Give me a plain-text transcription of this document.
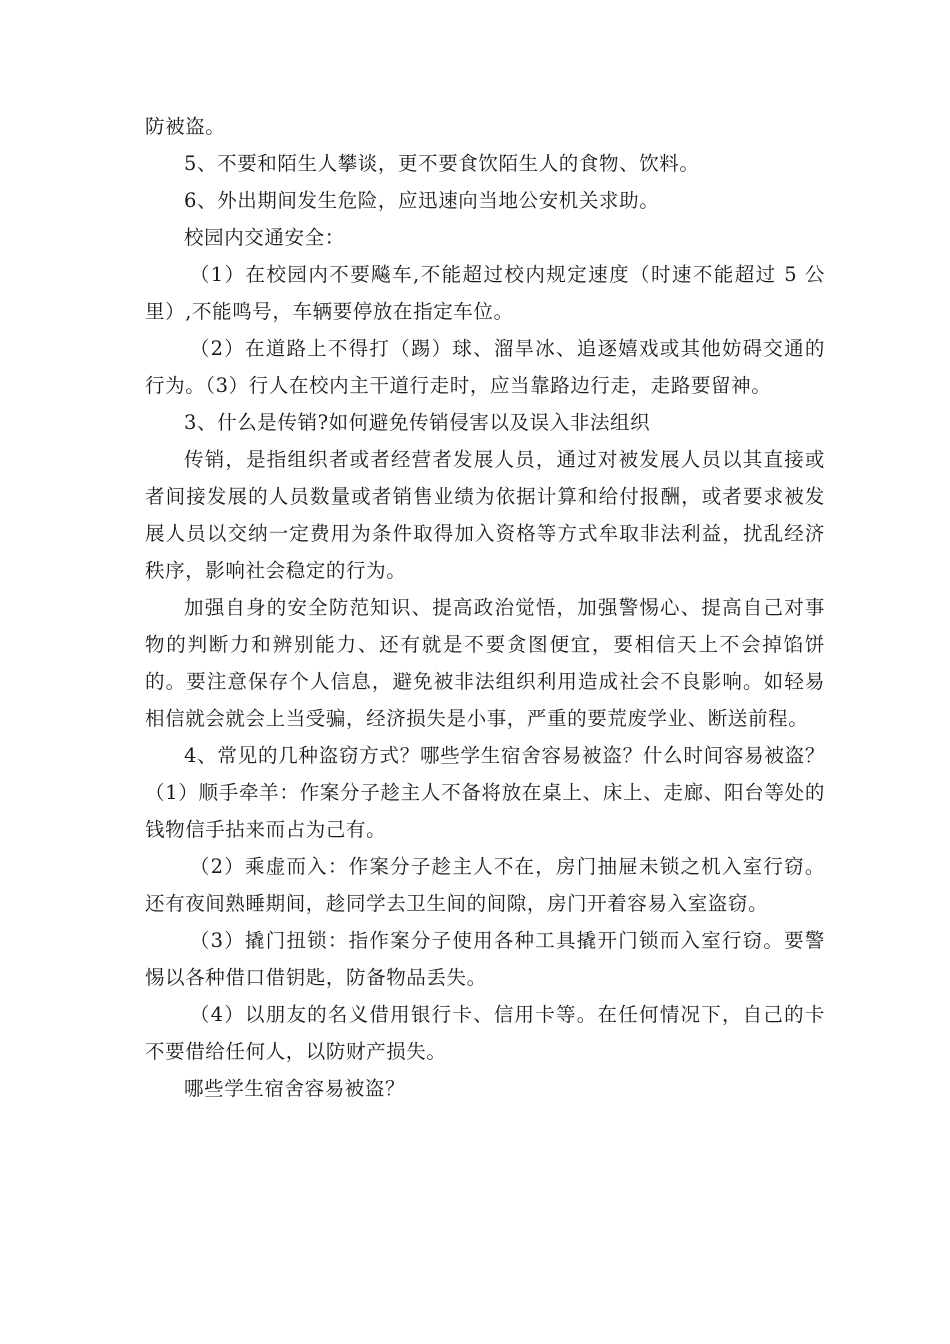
防被盗。

5、不要和陌生人攀谈，更不要食饮陌生人的食物、饮料。

6、外出期间发生危险，应迅速向当地公安机关求助。

校园内交通安全：

（1）在校园内不要飚车,不能超过校内规定速度（时速不能超过 5 公里）,不能鸣号，车辆要停放在指定车位。

（2）在道路上不得打（踢）球、溜旱冰、追逐嬉戏或其他妨碍交通的行为。（3）行人在校内主干道行走时，应当靠路边行走，走路要留神。

3、什么是传销?如何避免传销侵害以及误入非法组织

传销，是指组织者或者经营者发展人员，通过对被发展人员以其直接或者间接发展的人员数量或者销售业绩为依据计算和给付报酬，或者要求被发展人员以交纳一定费用为条件取得加入资格等方式牟取非法利益，扰乱经济秩序，影响社会稳定的行为。

加强自身的安全防范知识、提高政治觉悟，加强警惕心、提高自己对事物的判断力和辨别能力、还有就是不要贪图便宜，要相信天上不会掉馅饼的。要注意保存个人信息，避免被非法组织利用造成社会不良影响。如轻易相信就会就会上当受骗，经济损失是小事，严重的要荒废学业、断送前程。

4、常见的几种盗窃方式？哪些学生宿舍容易被盗？什么时间容易被盗？（1）顺手牵羊：作案分子趁主人不备将放在桌上、床上、走廊、阳台等处的钱物信手拈来而占为己有。

（2）乘虚而入：作案分子趁主人不在，房门抽屉未锁之机入室行窃。还有夜间熟睡期间，趁同学去卫生间的间隙，房门开着容易入室盗窃。

（3）撬门扭锁：指作案分子使用各种工具撬开门锁而入室行窃。要警惕以各种借口借钥匙，防备物品丢失。

（4）以朋友的名义借用银行卡、信用卡等。在任何情况下，自己的卡不要借给任何人，以防财产损失。

哪些学生宿舍容易被盗？
